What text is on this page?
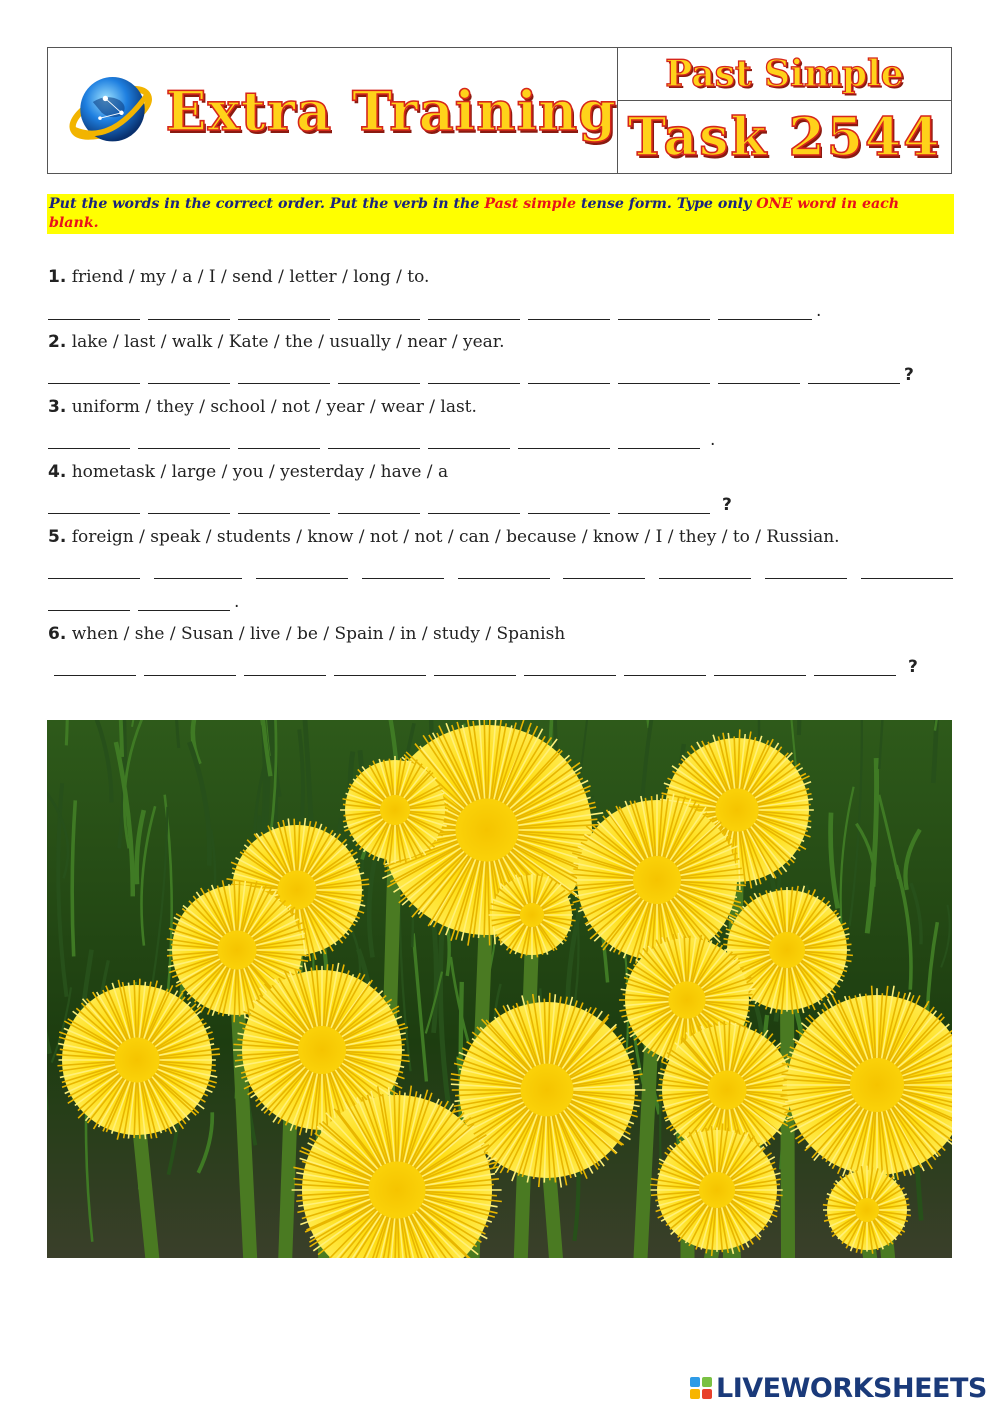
Extra Training
Past Simple
Task 2544
Put the words in the correct order. Put the verb in the Past simple tense form. Type only ONE word in each blank.
1. friend / my / a / I / send / letter / long / to.
.
2. lake / last / walk / Kate / the / usually / near / year.
?
3. uniform / they / school / not / year / wear / last.
.
4. hometask / large / you / yesterday / have / a
?
5. foreign / speak / students / know / not / not / can / because / know / I / they / to / Russian.
.
6. when / she / Susan / live / be / Spain / in / study / Spanish
?
LIVEWORKSHEETS
